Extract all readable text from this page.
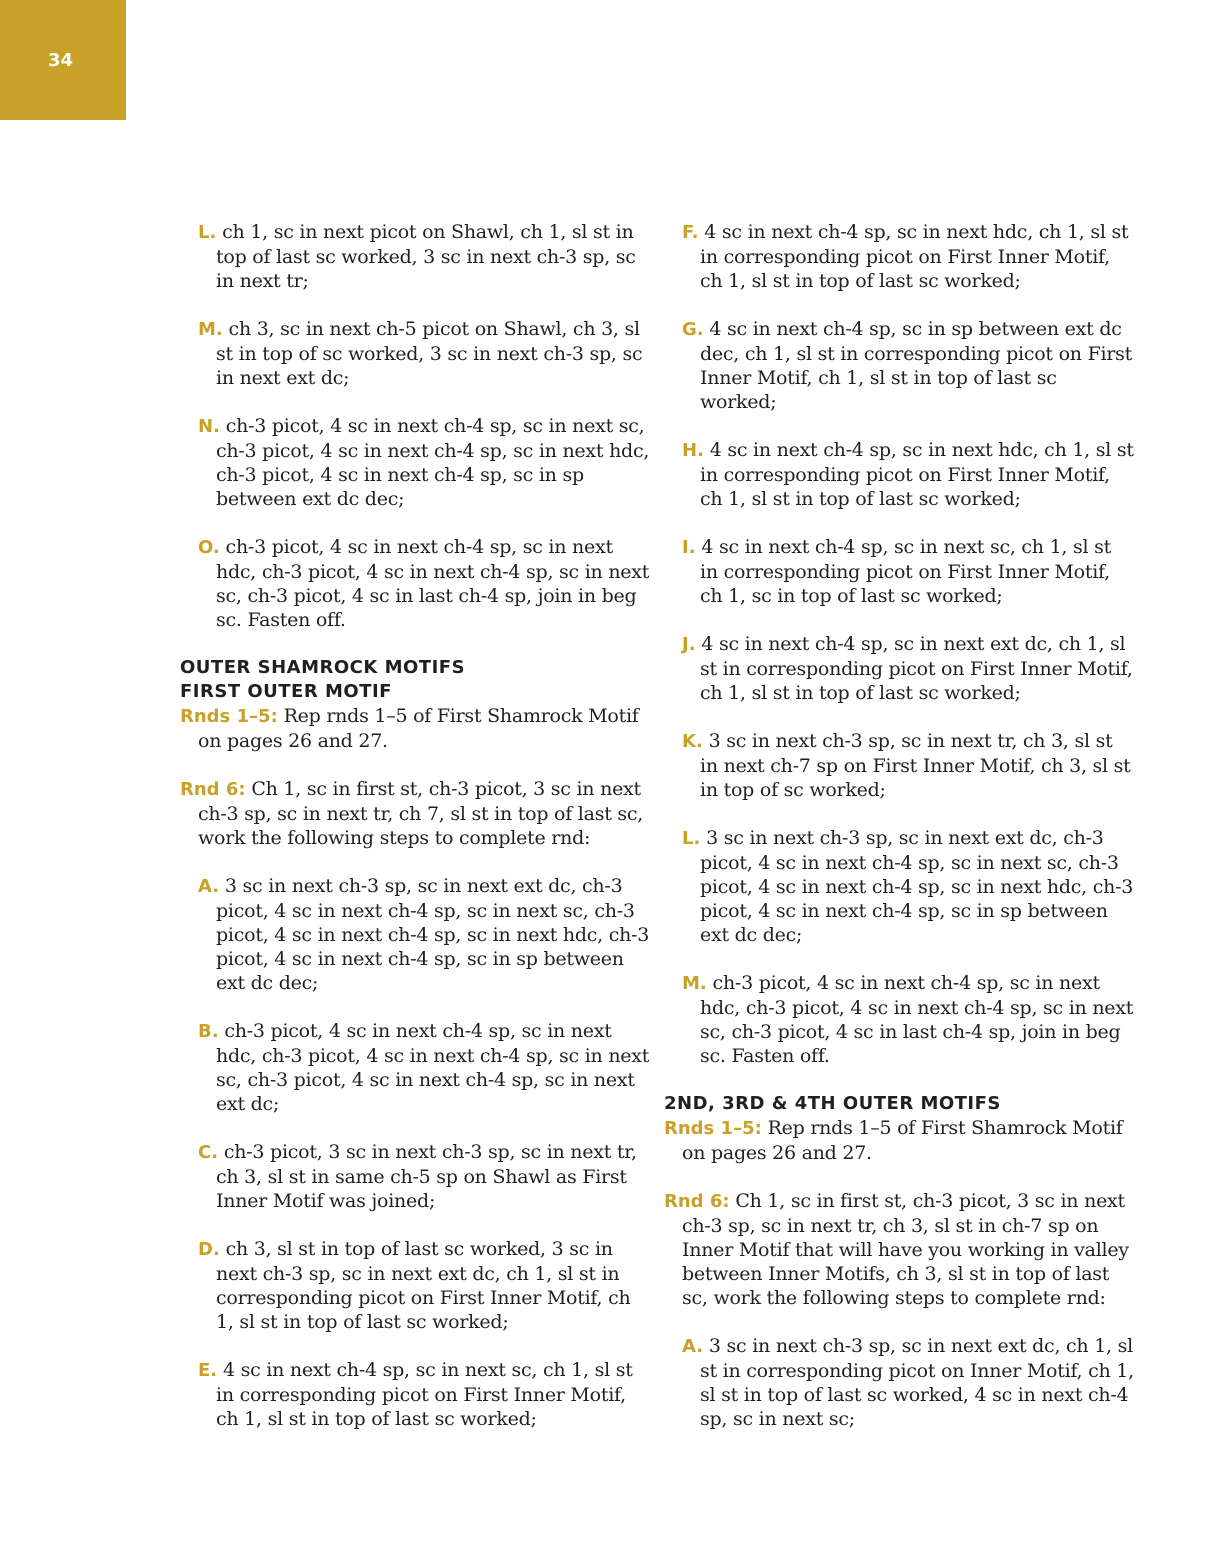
34

L. ch 1, sc in next picot on Shawl, ch 1, sl st in top of last sc worked, 3 sc in next ch-3 sp, sc in next tr;

M. ch 3, sc in next ch-5 picot on Shawl, ch 3, sl st in top of sc worked, 3 sc in next ch-3 sp, sc in next ext dc;

N. ch-3 picot, 4 sc in next ch-4 sp, sc in next sc, ch-3 picot, 4 sc in next ch-4 sp, sc in next hdc, ch-3 picot, 4 sc in next ch-4 sp, sc in sp between ext dc dec;

O. ch-3 picot, 4 sc in next ch-4 sp, sc in next hdc, ch-3 picot, 4 sc in next ch-4 sp, sc in next sc, ch-3 picot, 4 sc in last ch-4 sp, join in beg sc. Fasten off.

OUTER SHAMROCK MOTIFS

FIRST OUTER MOTIF

Rnds 1–5: Rep rnds 1–5 of First Shamrock Motif on pages 26 and 27.

Rnd 6: Ch 1, sc in first st, ch-3 picot, 3 sc in next ch-3 sp, sc in next tr, ch 7, sl st in top of last sc, work the following steps to complete rnd:

A. 3 sc in next ch-3 sp, sc in next ext dc, ch-3 picot, 4 sc in next ch-4 sp, sc in next sc, ch-3 picot, 4 sc in next ch-4 sp, sc in next hdc, ch-3 picot, 4 sc in next ch-4 sp, sc in sp between ext dc dec;

B. ch-3 picot, 4 sc in next ch-4 sp, sc in next hdc, ch-3 picot, 4 sc in next ch-4 sp, sc in next sc, ch-3 picot, 4 sc in next ch-4 sp, sc in next ext dc;

C. ch-3 picot, 3 sc in next ch-3 sp, sc in next tr, ch 3, sl st in same ch-5 sp on Shawl as First Inner Motif was joined;

D. ch 3, sl st in top of last sc worked, 3 sc in next ch-3 sp, sc in next ext dc, ch 1, sl st in corresponding picot on First Inner Motif, ch 1, sl st in top of last sc worked;

E. 4 sc in next ch-4 sp, sc in next sc, ch 1, sl st in corresponding picot on First Inner Motif, ch 1, sl st in top of last sc worked;

F. 4 sc in next ch-4 sp, sc in next hdc, ch 1, sl st in corresponding picot on First Inner Motif, ch 1, sl st in top of last sc worked;

G. 4 sc in next ch-4 sp, sc in sp between ext dc dec, ch 1, sl st in corresponding picot on First Inner Motif, ch 1, sl st in top of last sc worked;

H. 4 sc in next ch-4 sp, sc in next hdc, ch 1, sl st in corresponding picot on First Inner Motif, ch 1, sl st in top of last sc worked;

I. 4 sc in next ch-4 sp, sc in next sc, ch 1, sl st in corresponding picot on First Inner Motif, ch 1, sc in top of last sc worked;

J. 4 sc in next ch-4 sp, sc in next ext dc, ch 1, sl st in corresponding picot on First Inner Motif, ch 1, sl st in top of last sc worked;

K. 3 sc in next ch-3 sp, sc in next tr, ch 3, sl st in next ch-7 sp on First Inner Motif, ch 3, sl st in top of sc worked;

L. 3 sc in next ch-3 sp, sc in next ext dc, ch-3 picot, 4 sc in next ch-4 sp, sc in next sc, ch-3 picot, 4 sc in next ch-4 sp, sc in next hdc, ch-3 picot, 4 sc in next ch-4 sp, sc in sp between ext dc dec;

M. ch-3 picot, 4 sc in next ch-4 sp, sc in next hdc, ch-3 picot, 4 sc in next ch-4 sp, sc in next sc, ch-3 picot, 4 sc in last ch-4 sp, join in beg sc. Fasten off.

2ND, 3RD & 4TH OUTER MOTIFS

Rnds 1–5: Rep rnds 1–5 of First Shamrock Motif on pages 26 and 27.

Rnd 6: Ch 1, sc in first st, ch-3 picot, 3 sc in next ch-3 sp, sc in next tr, ch 3, sl st in ch-7 sp on Inner Motif that will have you working in valley between Inner Motifs, ch 3, sl st in top of last sc, work the following steps to complete rnd:

A. 3 sc in next ch-3 sp, sc in next ext dc, ch 1, sl st in corresponding picot on Inner Motif, ch 1, sl st in top of last sc worked, 4 sc in next ch-4 sp, sc in next sc;
